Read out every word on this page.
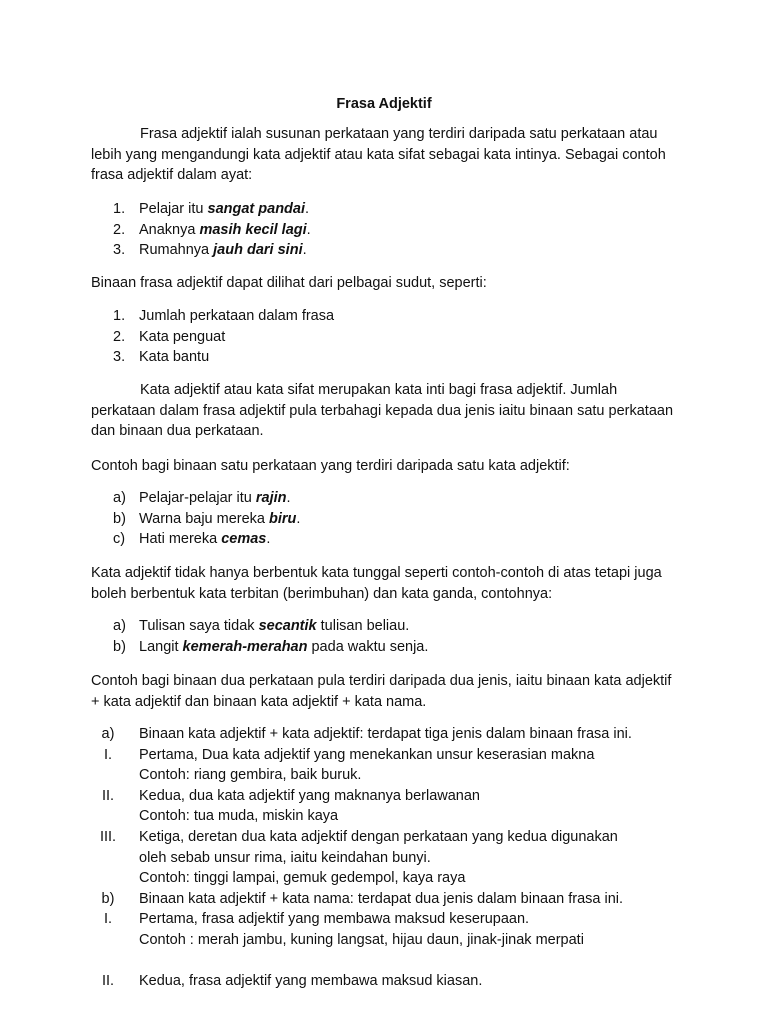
Frasa Adjektif

Frasa adjektif ialah susunan perkataan yang terdiri daripada satu perkataan atau lebih yang mengandungi kata adjektif atau kata sifat sebagai kata intinya. Sebagai contoh frasa adjektif dalam ayat:

1. Pelajar itu sangat pandai.
2. Anaknya masih kecil lagi.
3. Rumahnya jauh dari sini.

Binaan frasa adjektif dapat dilihat dari pelbagai sudut, seperti:

1. Jumlah perkataan dalam frasa
2. Kata penguat
3. Kata bantu

Kata adjektif atau kata sifat merupakan kata inti bagi frasa adjektif. Jumlah perkataan dalam frasa adjektif pula terbahagi kepada dua jenis iaitu binaan satu perkataan dan binaan dua perkataan.

Contoh bagi binaan satu perkataan yang terdiri daripada satu kata adjektif:

a) Pelajar-pelajar itu rajin.
b) Warna baju mereka biru.
c) Hati mereka cemas.

Kata adjektif tidak hanya berbentuk kata tunggal seperti contoh-contoh di atas tetapi juga boleh berbentuk kata terbitan (berimbuhan) dan kata ganda, contohnya:

a) Tulisan saya tidak secantik tulisan beliau.
b) Langit kemerah-merahan pada waktu senja.

Contoh bagi binaan dua perkataan pula terdiri daripada dua jenis, iaitu binaan kata adjektif + kata adjektif dan binaan kata adjektif + kata nama.

a)	Binaan kata adjektif + kata adjektif: terdapat tiga jenis dalam binaan frasa ini.
I.	Pertama, Dua kata adjektif yang menekankan unsur keserasian makna
Contoh: riang gembira, baik buruk.
II.	Kedua, dua kata adjektif yang maknanya berlawanan
Contoh: tua muda, miskin kaya
III.	Ketiga, deretan dua kata adjektif dengan perkataan yang kedua digunakan
oleh sebab unsur rima, iaitu keindahan bunyi.
Contoh: tinggi lampai, gemuk gedempol, kaya raya
b)	Binaan kata adjektif + kata nama: terdapat dua jenis dalam binaan frasa ini.
I.	Pertama, frasa adjektif yang membawa maksud keserupaan.
Contoh : merah jambu, kuning langsat, hijau daun, jinak-jinak merpati
II.	Kedua, frasa adjektif yang membawa maksud kiasan.
